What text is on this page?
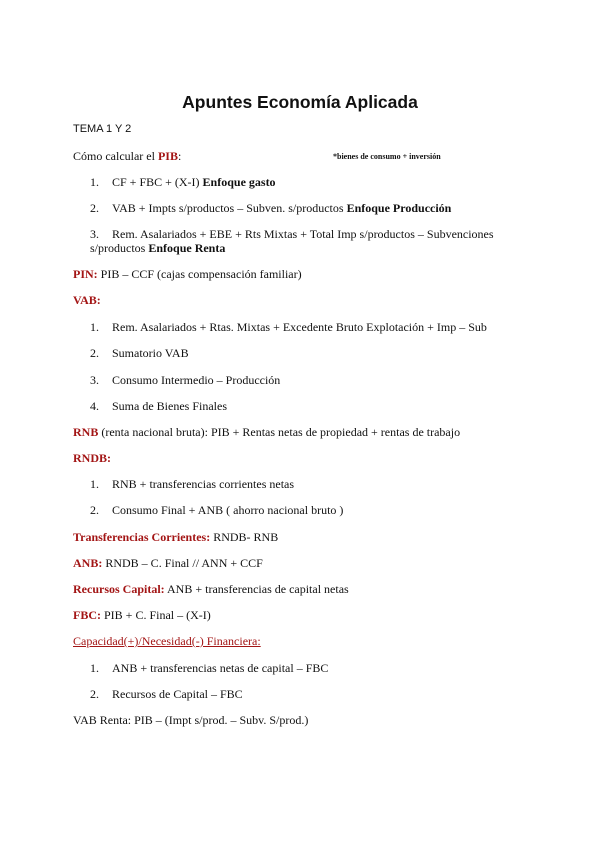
Apuntes Economía Aplicada
TEMA 1 Y 2
Cómo calcular el PIB:	*bienes de consumo + inversión
1. CF + FBC + (X-I) Enfoque gasto
2. VAB + Impts s/productos – Subven. s/productos Enfoque Producción
3. Rem. Asalariados + EBE + Rts Mixtas + Total Imp s/productos – Subvenciones
s/productos Enfoque Renta
PIN: PIB – CCF (cajas compensación familiar)
VAB:
1. Rem. Asalariados + Rtas. Mixtas + Excedente Bruto Explotación + Imp – Sub
2. Sumatorio VAB
3. Consumo Intermedio – Producción
4. Suma de Bienes Finales
RNB (renta nacional bruta): PIB + Rentas netas de propiedad + rentas de trabajo
RNDB:
1. RNB + transferencias corrientes netas
2. Consumo Final + ANB ( ahorro nacional bruto )
Transferencias Corrientes: RNDB- RNB
ANB: RNDB – C. Final // ANN + CCF
Recursos Capital: ANB + transferencias de capital netas
FBC: PIB + C. Final – (X-I)
Capacidad(+)/Necesidad(-) Financiera:
1. ANB + transferencias netas de capital – FBC
2. Recursos de Capital – FBC
VAB Renta: PIB – (Impt s/prod. – Subv. S/prod.)
